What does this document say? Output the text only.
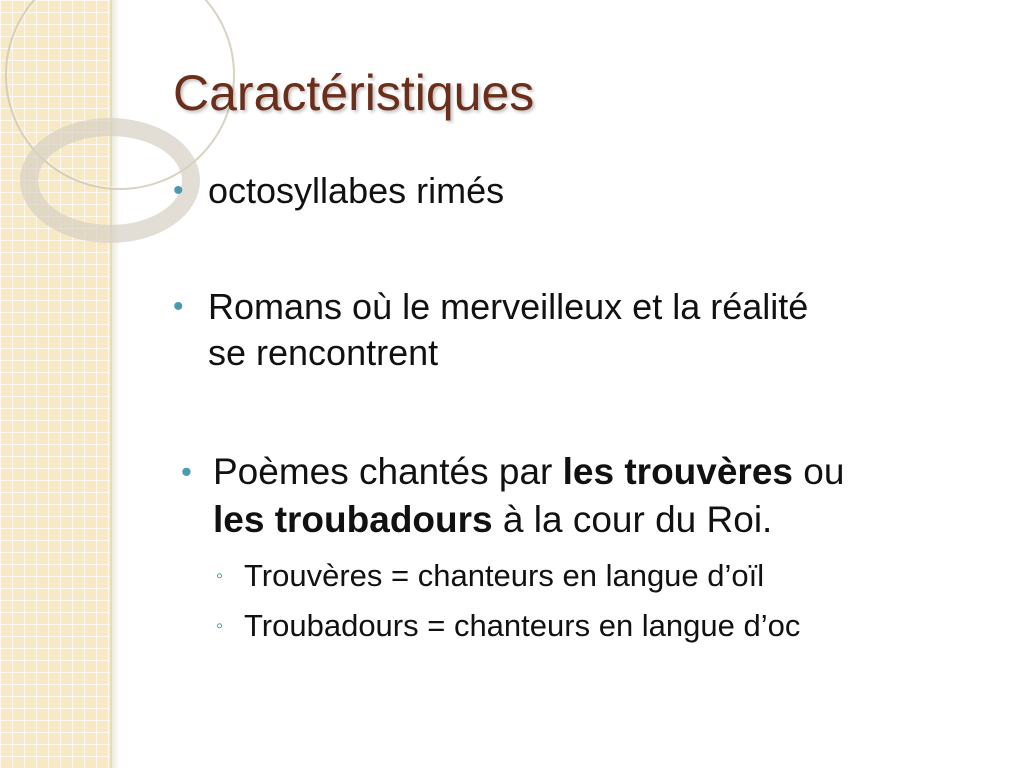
Caractéristiques
• octosyllabes rimés
• Romans où le merveilleux et la réalité
se rencontrent
• Poèmes chantés par les trouvères ou
les troubadours à la cour du Roi.
◦ Trouvères = chanteurs en langue d’oïl
◦ Troubadours = chanteurs en langue d’oc
